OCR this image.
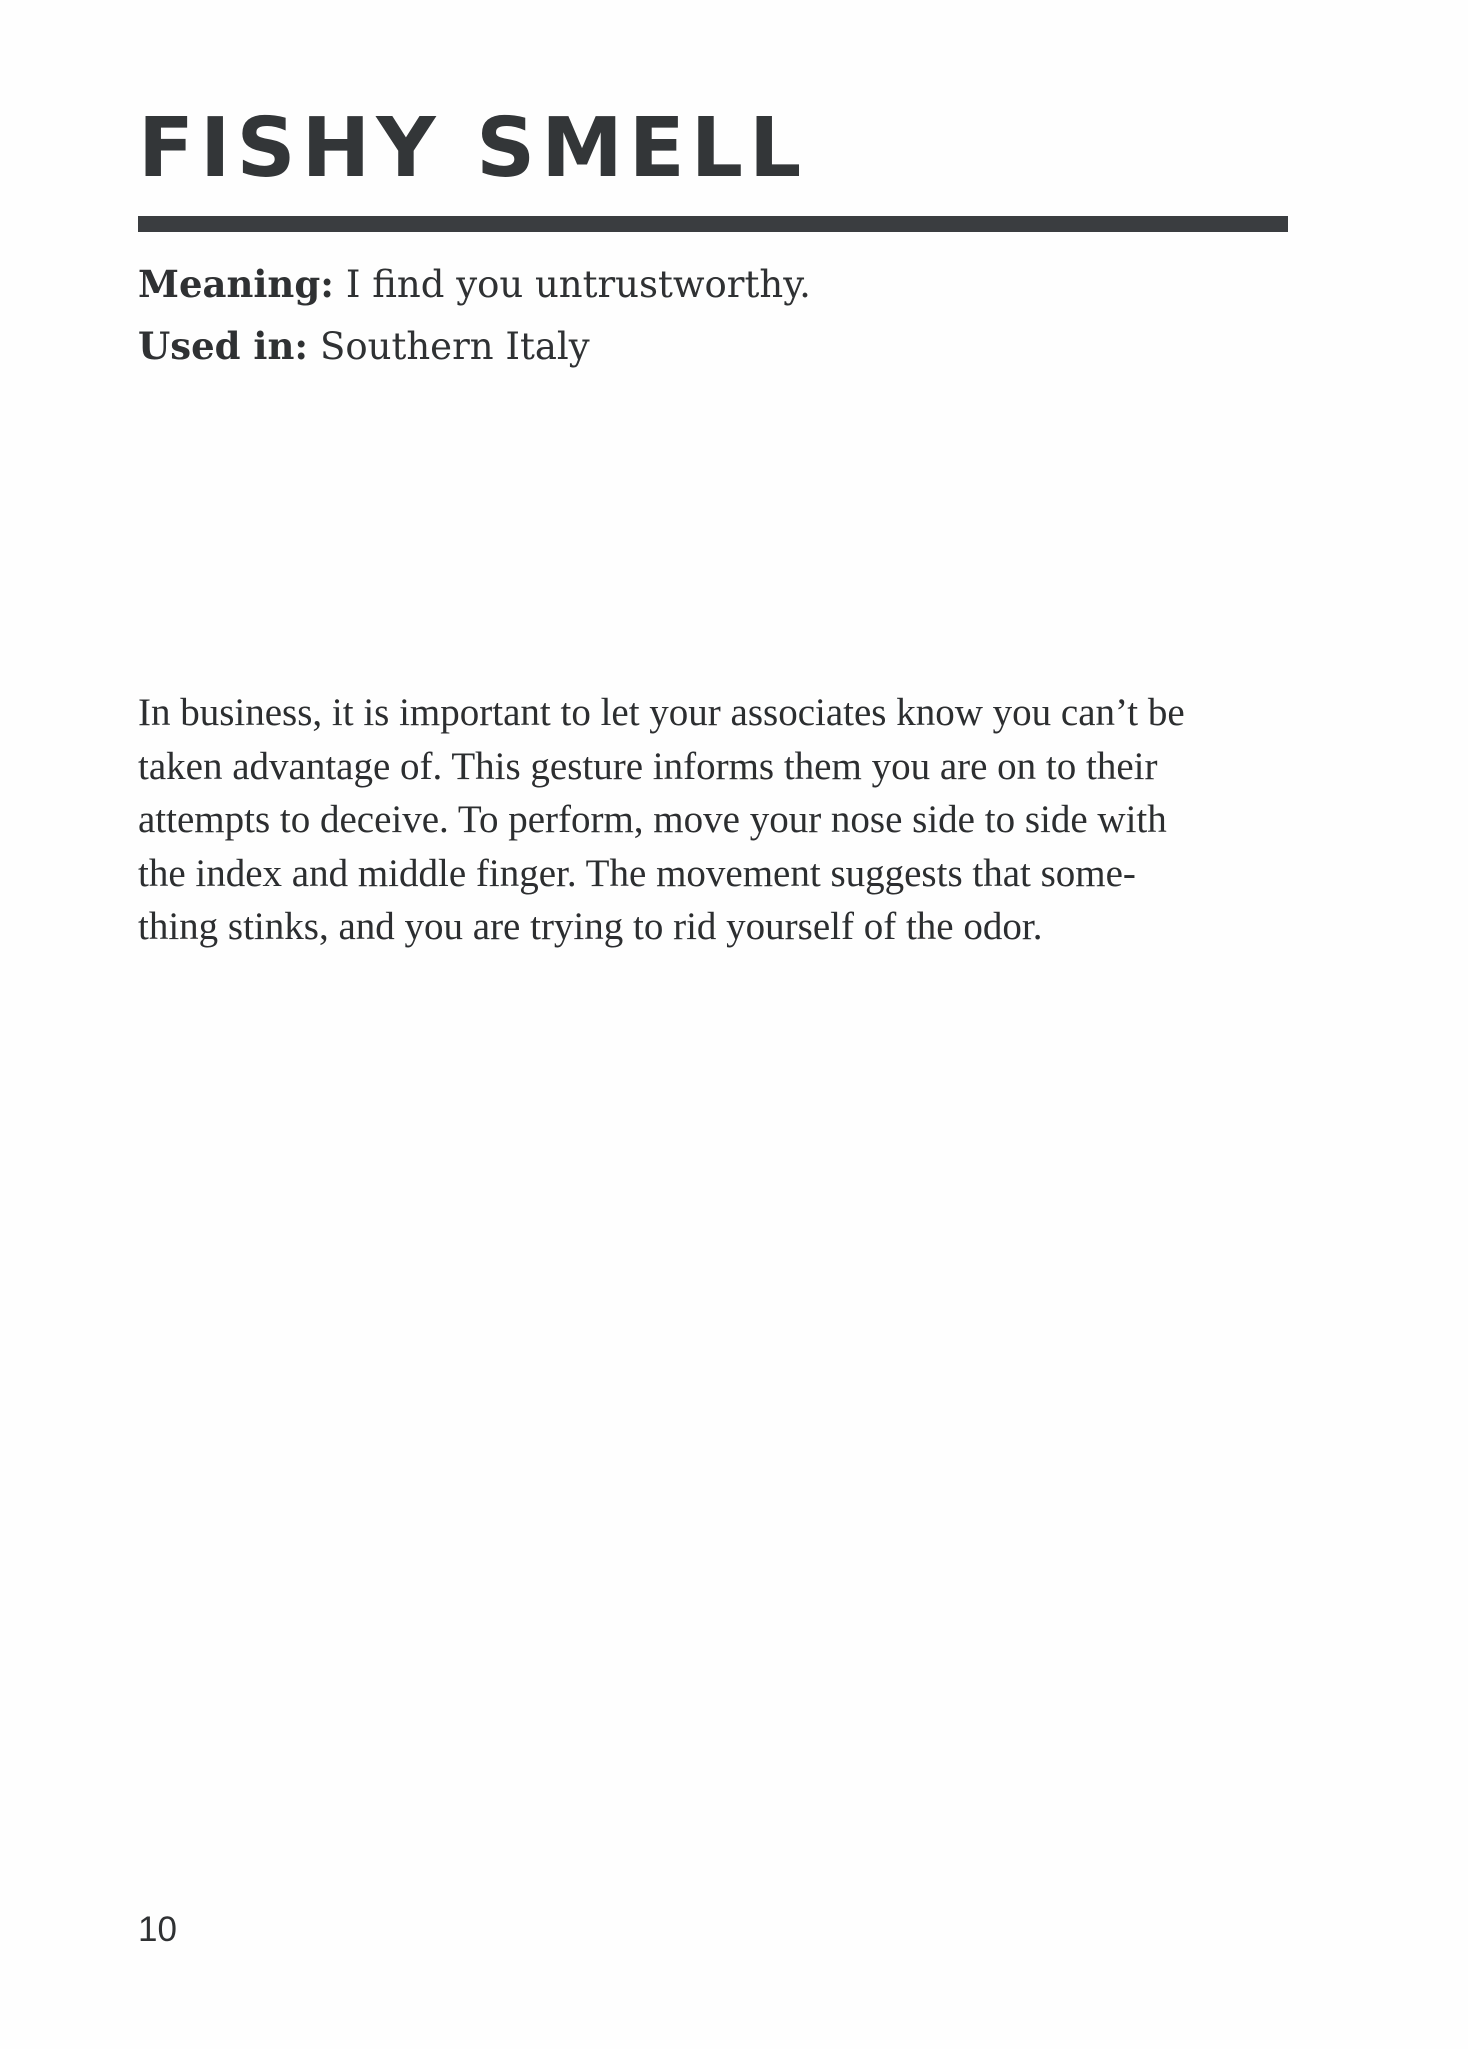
FISHY SMELL
Meaning: I find you untrustworthy.
Used in: Southern Italy

In business, it is important to let your associates know you can’t be
taken advantage of. This gesture informs them you are on to their
attempts to deceive. To perform, move your nose side to side with
the index and middle finger. The movement suggests that some-
thing stinks, and you are trying to rid yourself of the odor.

10
